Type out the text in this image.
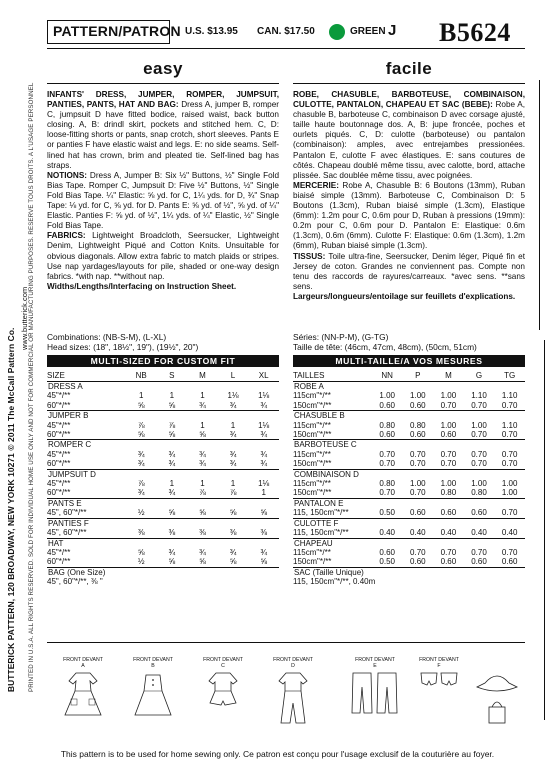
BUTTERICK PATTERN, 120 BROADWAY, NEW YORK 10271 © 2011 The McCall Pattern Co.
www.butterick.com PRINTED IN U.S.A. ALL RIGHTS RESERVED. SOLD FOR INDIVIDUAL HOME USE ONLY AND NOT FOR COMMERCIAL OR MANUFACTURING PURPOSES. RESERVE TOUS DROITS. A L'USAGE PERSONNEL
PATTERN/PATRON U.S. $13.95 CAN. $17.50	GREEN J B5624
easy
INFANTS' DRESS, JUMPER, ROMPER, JUMPSUIT, PANTIES, PANTS, HAT AND BAG: Dress A, jumper B, romper C, jumpsuit D have fitted bodice, raised waist, back button closing. A, B: drindl skirt, pockets and stitched hem. C, D: loose-fitting shorts or pants, snap crotch, short sleeves. Pants E or panties F have elastic waist and legs. E: no side seams. Self-lined hat has crown, brim and pleated tie. Self-lined bag has straps.
NOTIONS: Dress A, Jumper B: Six ½" Buttons, ½" Single Fold Bias Tape. Romper C, Jumpsuit D: Five ½" Buttons, ½" Single Fold Bias Tape. ¼" Elastic: ⅝ yd. for C, 1¼ yds. for D, ¾" Snap Tape: ⅛ yd. for C, ⅝ yd. for D. Pants E: ⅝ yd. of ½", ⅝ yd. of ¼" Elastic. Panties F: ⅝ yd. of ½", 1¼ yds. of ¼" Elastic, ½" Single Fold Bias Tape.
FABRICS: Lightweight Broadcloth, Seersucker, Lightweight Denim, Lightweight Piqué and Cotton Knits. Unsuitable for obvious diagonals. Allow extra fabric to match plaids or stripes. Use nap yardages/layouts for pile, shaded or one-way design fabrics. *with nap. **without nap.
Widths/Lengths/Interfacing on Instruction Sheet.
facile
ROBE, CHASUBLE, BARBOTEUSE, COMBINAISON, CULOTTE, PANTALON, CHAPEAU ET SAC (BEBE): Robe A, chasuble B, barboteuse C, combinaison D avec corsage ajusté, taille haute boutonnage dos. A, B: jupe froncée, poches et ourlets piqués. C, D: culotte (barboteuse) ou pantalon (combinaison): amples, avec entrejambes pressionées. Pantalon E, culotte F avec élastiques. E: sans coutures de côtés. Chapeau doublé même tissu, avec calotte, bord, attache plissée. Sac doublée même tissu, avec poignées.
MERCERIE: Robe A, Chasuble B: 6 Boutons (13mm), Ruban biaisé simple (13mm). Barboteuse C, Combinaison D: 5 Boutons (1.3cm), Ruban biaisé simple (1.3cm), Elastique (6mm): 1.2m pour C, 0.6m pour D, Ruban à pressions (19mm): 0.2m pour C, 0.6m pour D. Pantalon E: Elastique: 0.6m (1.3cm), 0.6m (6mm). Culotte F: Elastique: 0.6m (1.3cm), 1.2m (6mm), Ruban biaisé simple (1.3cm).
TISSUS: Toile ultra-fine, Seersucker, Denim léger, Piqué fin et Jersey de coton. Grandes ne conviennent pas. Compte non tenu des raccords de rayures/carreaux. *avec sens. **sans sens.
Largeurs/longueurs/entoilage sur feuillets d'explications.
Combinations: (NB-S-M), (L-XL)
Head sizes: (18", 18½", 19"), (19½", 20")
Séries: (NN-P-M), (G-TG)
Taille de tête: (46cm, 47cm, 48cm), (50cm, 51cm)
MULTI-SIZED FOR CUSTOM FIT	MULTI-TAILLE/A VOS MESURES
SIZE	NB	S	M	L	XL
DRESS A					
45"*/**	1	1	1	1⅛	1⅛
60"*/**	⅝	⅝	¾	¾	¾
JUMPER B					
45"*/**	⅞	⅞	1	1	1⅛
60"*/**	⅝	⅝	⅝	¾	¾
ROMPER C					
45"*/**	¾	¾	¾	¾	¾
60"*/**	¾	¾	¾	¾	¾
JUMPSUIT D					
45"*/**	⅞	1	1	1	1⅛
60"*/**	¾	¾	⅞	⅞	1
PANTS E					
45", 60"*/**	½	⅝	⅝	⅝	⅝
PANTIES F					
45", 60"*/**	⅜	⅜	⅜	⅜	⅜
HAT					
45"*/**	⅝	¾	¾	¾	¾
60"*/**	½	⅝	⅝	⅝	⅝
BAG (One Size)					
45", 60"*/**, ⅜ "					
TAILLES	NN	P	M	G	TG
ROBE A					
115cm"*/**	1.00	1.00	1.00	1.10	1.10
150cm"*/**	0.60	0.60	0.70	0.70	0.70
CHASUBLE B					
115cm"*/**	0.80	0.80	1.00	1.00	1.10
150cm"*/**	0.60	0.60	0.60	0.70	0.70
BARBOTEUSE C					
115cm"*/**	0.70	0.70	0.70	0.70	0.70
150cm"*/**	0.70	0.70	0.70	0.70	0.70
COMBINAISON D					
115cm"*/**	0.80	1.00	1.00	1.00	1.00
150cm"*/**	0.70	0.70	0.80	0.80	1.00
PANTALON E					
115, 150cm"*/**	0.50	0.60	0.60	0.60	0.70
CULOTTE F					
115, 150cm"*/**	0.40	0.40	0.40	0.40	0.40
CHAPEAU					
115cm"*/**	0.60	0.70	0.70	0.70	0.70
150cm"*/**	0.50	0.60	0.60	0.60	0.60
SAC (Taille Unique)					
115, 150cm"*/**, 0.40m					
FRONT DEVANT
A
FRONT DEVANT
B
FRONT DEVANT
C
FRONT DEVANT
D
FRONT DEVANT
E
FRONT DEVANT
F
This pattern is to be used for home sewing only. Ce patron est conçu pour l'usage exclusif de la couturière au foyer.
